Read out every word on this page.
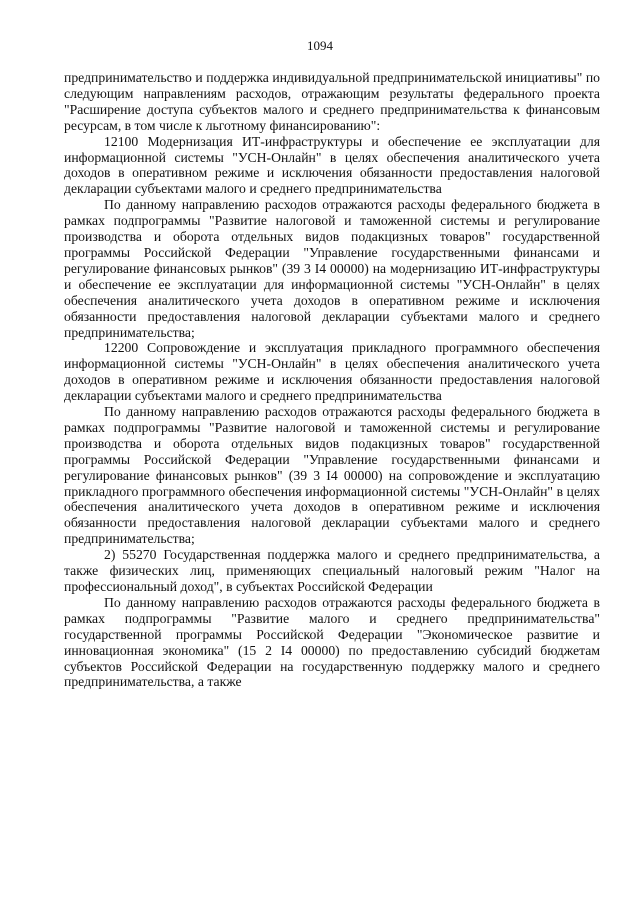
1094

предпринимательство и поддержка индивидуальной предпринимательской инициативы" по следующим направлениям расходов, отражающим результаты федерального проекта "Расширение доступа субъектов малого и среднего предпринимательства к финансовым ресурсам, в том числе к льготному финансированию":

12100 Модернизация ИТ-инфраструктуры и обеспечение ее эксплуатации для информационной системы "УСН-Онлайн" в целях обеспечения аналитического учета доходов в оперативном режиме и исключения обязанности предоставления налоговой декларации субъектами малого и среднего предпринимательства

По данному направлению расходов отражаются расходы федерального бюджета в рамках подпрограммы "Развитие налоговой и таможенной системы и регулирование производства и оборота отдельных видов подакцизных товаров" государственной программы Российской Федерации "Управление государственными финансами и регулирование финансовых рынков" (39 3 I4 00000) на модернизацию ИТ-инфраструктуры и обеспечение ее эксплуатации для информационной системы "УСН-Онлайн" в целях обеспечения аналитического учета доходов в оперативном режиме и исключения обязанности предоставления налоговой декларации субъектами малого и среднего предпринимательства;

12200 Сопровождение и эксплуатация прикладного программного обеспечения информационной системы "УСН-Онлайн" в целях обеспечения аналитического учета доходов в оперативном режиме и исключения обязанности предоставления налоговой декларации субъектами малого и среднего предпринимательства

По данному направлению расходов отражаются расходы федерального бюджета в рамках подпрограммы "Развитие налоговой и таможенной системы и регулирование производства и оборота отдельных видов подакцизных товаров" государственной программы Российской Федерации "Управление государственными финансами и регулирование финансовых рынков" (39 3 I4 00000) на сопровождение и эксплуатацию прикладного программного обеспечения информационной системы "УСН-Онлайн" в целях обеспечения аналитического учета доходов в оперативном режиме и исключения обязанности предоставления налоговой декларации субъектами малого и среднего предпринимательства;

2) 55270 Государственная поддержка малого и среднего предпринимательства, а также физических лиц, применяющих специальный налоговый режим "Налог на профессиональный доход", в субъектах Российской Федерации

По данному направлению расходов отражаются расходы федерального бюджета в рамках подпрограммы "Развитие малого и среднего предпринимательства" государственной программы Российской Федерации "Экономическое развитие и инновационная экономика" (15 2 I4 00000) по предоставлению субсидий бюджетам субъектов Российской Федерации на государственную поддержку малого и среднего предпринимательства, а также
